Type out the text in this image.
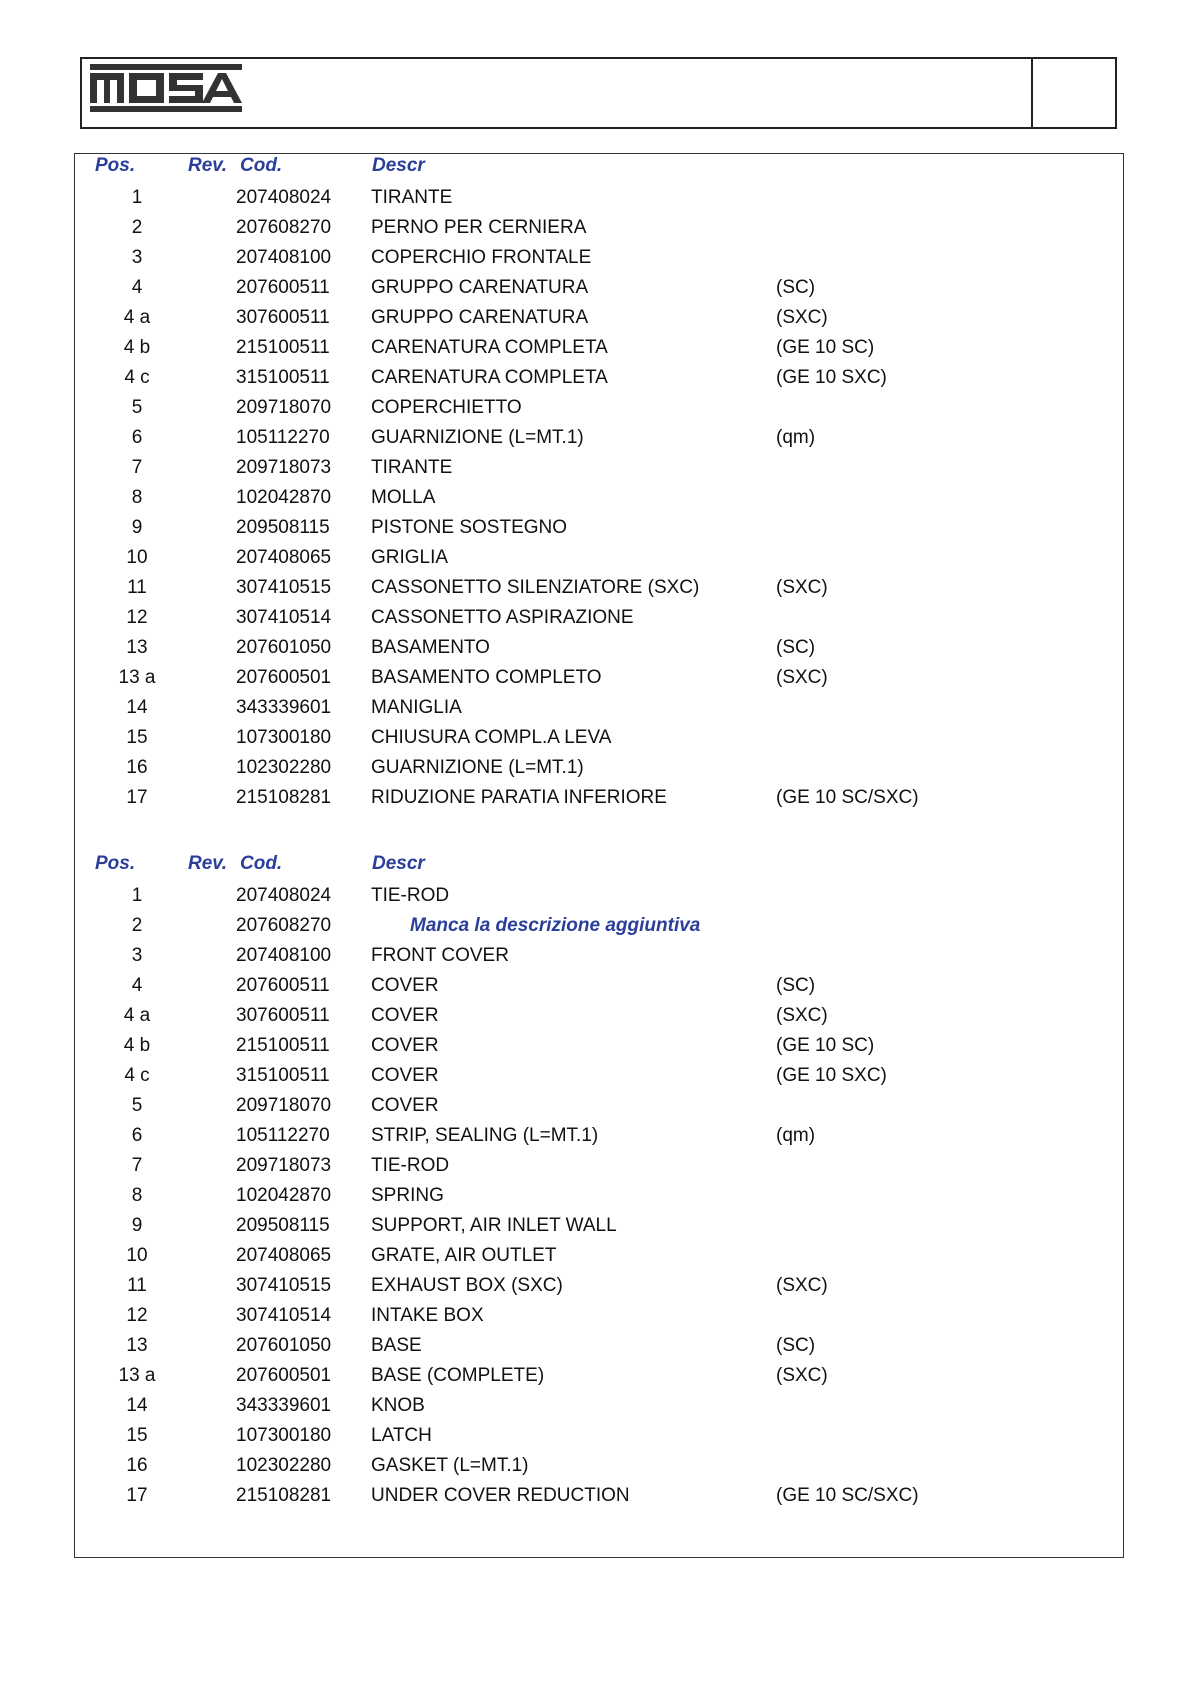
Pos.	Rev. Cod.	Descr
1	207408024 TIRANTE
2	207608270 PERNO PER CERNIERA
3	207408100 COPERCHIO FRONTALE
4	207600511 GRUPPO CARENATURA	(SC)
4 a	307600511 GRUPPO CARENATURA	(SXC)
4 b	215100511 CARENATURA COMPLETA	(GE 10 SC)
4 c	315100511 CARENATURA COMPLETA	(GE 10 SXC)
5	209718070 COPERCHIETTO
6	105112270 GUARNIZIONE (L=MT.1)	(qm)
7	209718073 TIRANTE
8	102042870 MOLLA
9	209508115 PISTONE SOSTEGNO
10	207408065 GRIGLIA
11	307410515 CASSONETTO SILENZIATORE (SXC)	(SXC)
12	307410514 CASSONETTO ASPIRAZIONE
13	207601050 BASAMENTO	(SC)
13 a	207600501 BASAMENTO COMPLETO	(SXC)
14	343339601 MANIGLIA
15	107300180 CHIUSURA COMPL.A LEVA
16	102302280 GUARNIZIONE (L=MT.1)
17	215108281 RIDUZIONE PARATIA INFERIORE	(GE 10 SC/SXC)
Pos.	Rev. Cod.	Descr
1	207408024 TIE-ROD
2	207608270	Manca la descrizione aggiuntiva
3	207408100 FRONT COVER
4	207600511 COVER	(SC)
4 a	307600511 COVER	(SXC)
4 b	215100511 COVER	(GE 10 SC)
4 c	315100511 COVER	(GE 10 SXC)
5	209718070 COVER
6	105112270 STRIP, SEALING (L=MT.1)	(qm)
7	209718073 TIE-ROD
8	102042870 SPRING
9	209508115 SUPPORT, AIR INLET WALL
10	207408065 GRATE, AIR OUTLET
11	307410515 EXHAUST BOX (SXC)	(SXC)
12	307410514 INTAKE BOX
13	207601050 BASE	(SC)
13 a	207600501 BASE (COMPLETE)	(SXC)
14	343339601 KNOB
15	107300180 LATCH
16	102302280 GASKET (L=MT.1)
17	215108281 UNDER COVER REDUCTION	(GE 10 SC/SXC)
